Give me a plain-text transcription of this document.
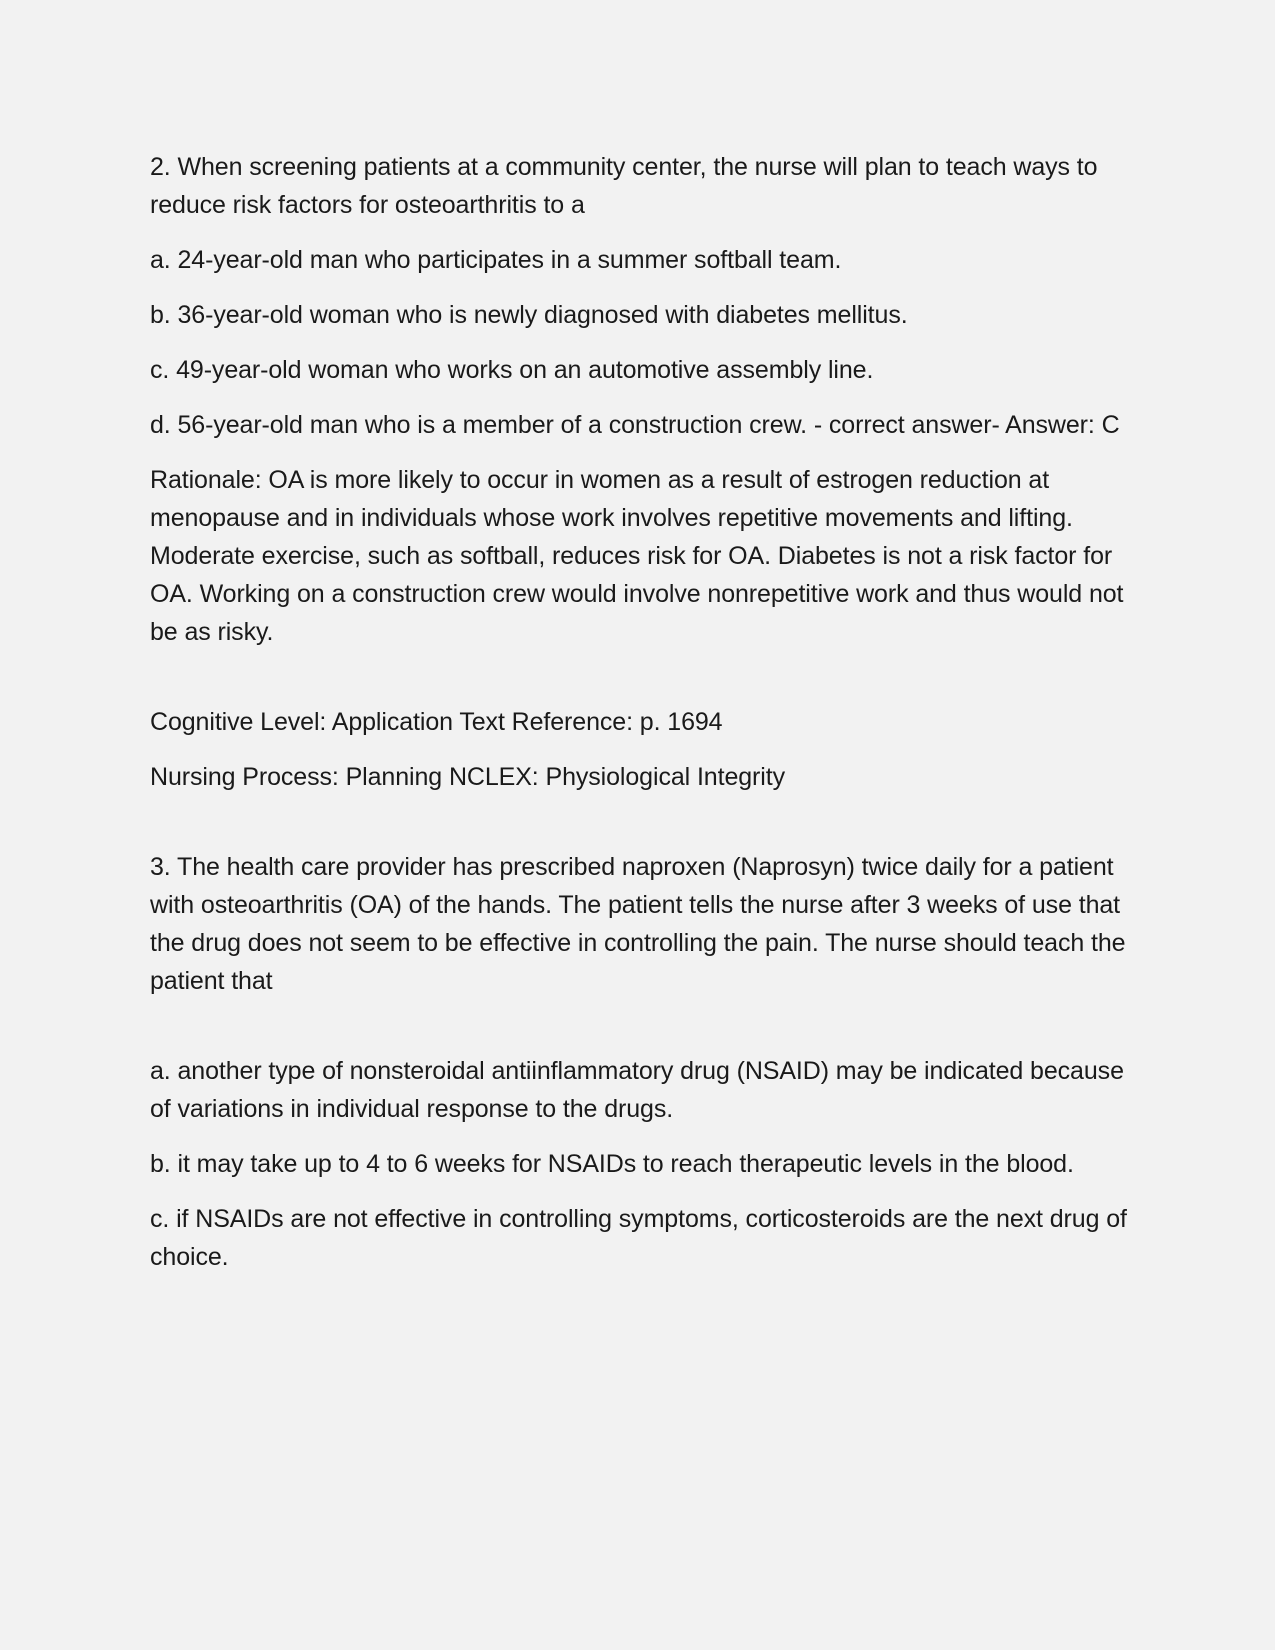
2. When screening patients at a community center, the nurse will plan to teach ways to reduce risk factors for osteoarthritis to a

a. 24-year-old man who participates in a summer softball team.

b. 36-year-old woman who is newly diagnosed with diabetes mellitus.

c. 49-year-old woman who works on an automotive assembly line.

d. 56-year-old man who is a member of a construction crew. - correct answer- Answer: C

Rationale: OA is more likely to occur in women as a result of estrogen reduction at menopause and in individuals whose work involves repetitive movements and lifting. Moderate exercise, such as softball, reduces risk for OA. Diabetes is not a risk factor for OA. Working on a construction crew would involve nonrepetitive work and thus would not be as risky.

Cognitive Level: Application Text Reference: p. 1694

Nursing Process: Planning NCLEX: Physiological Integrity

3. The health care provider has prescribed naproxen (Naprosyn) twice daily for a patient with osteoarthritis (OA) of the hands. The patient tells the nurse after 3 weeks of use that the drug does not seem to be effective in controlling the pain. The nurse should teach the patient that

a. another type of nonsteroidal antiinflammatory drug (NSAID) may be indicated because of variations in individual response to the drugs.

b. it may take up to 4 to 6 weeks for NSAIDs to reach therapeutic levels in the blood.

c. if NSAIDs are not effective in controlling symptoms, corticosteroids are the next drug of choice.
